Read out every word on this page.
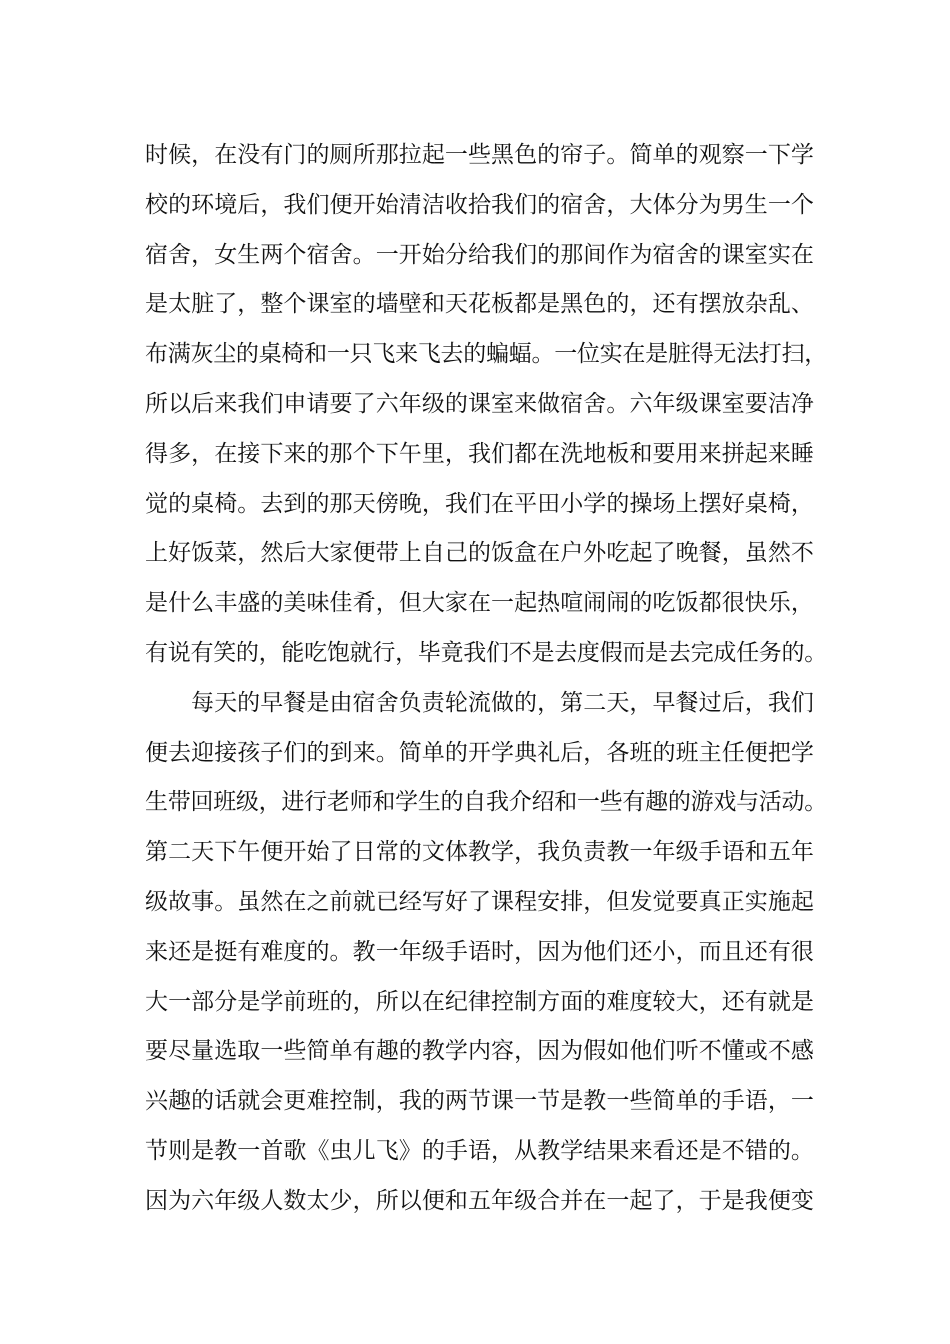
时候，在没有门的厕所那拉起一些黑色的帘子。简单的观察一下学
校的环境后，我们便开始清洁收拾我们的宿舍，大体分为男生一个
宿舍，女生两个宿舍。一开始分给我们的那间作为宿舍的课室实在
是太脏了，整个课室的墙壁和天花板都是黑色的，还有摆放杂乱、
布满灰尘的桌椅和一只飞来飞去的蝙蝠。一位实在是脏得无法打扫，
所以后来我们申请要了六年级的课室来做宿舍。六年级课室要洁净
得多，在接下来的那个下午里，我们都在洗地板和要用来拼起来睡
觉的桌椅。去到的那天傍晚，我们在平田小学的操场上摆好桌椅，
上好饭菜，然后大家便带上自己的饭盒在户外吃起了晚餐，虽然不
是什么丰盛的美味佳肴，但大家在一起热喧闹闹的吃饭都很快乐，
有说有笑的，能吃饱就行，毕竟我们不是去度假而是去完成任务的。
每天的早餐是由宿舍负责轮流做的，第二天，早餐过后，我们
便去迎接孩子们的到来。简单的开学典礼后，各班的班主任便把学
生带回班级，进行老师和学生的自我介绍和一些有趣的游戏与活动。
第二天下午便开始了日常的文体教学，我负责教一年级手语和五年
级故事。虽然在之前就已经写好了课程安排，但发觉要真正实施起
来还是挺有难度的。教一年级手语时，因为他们还小，而且还有很
大一部分是学前班的，所以在纪律控制方面的难度较大，还有就是
要尽量选取一些简单有趣的教学内容，因为假如他们听不懂或不感
兴趣的话就会更难控制，我的两节课一节是教一些简单的手语，一
节则是教一首歌《虫儿飞》的手语，从教学结果来看还是不错的。
因为六年级人数太少，所以便和五年级合并在一起了，于是我便变
